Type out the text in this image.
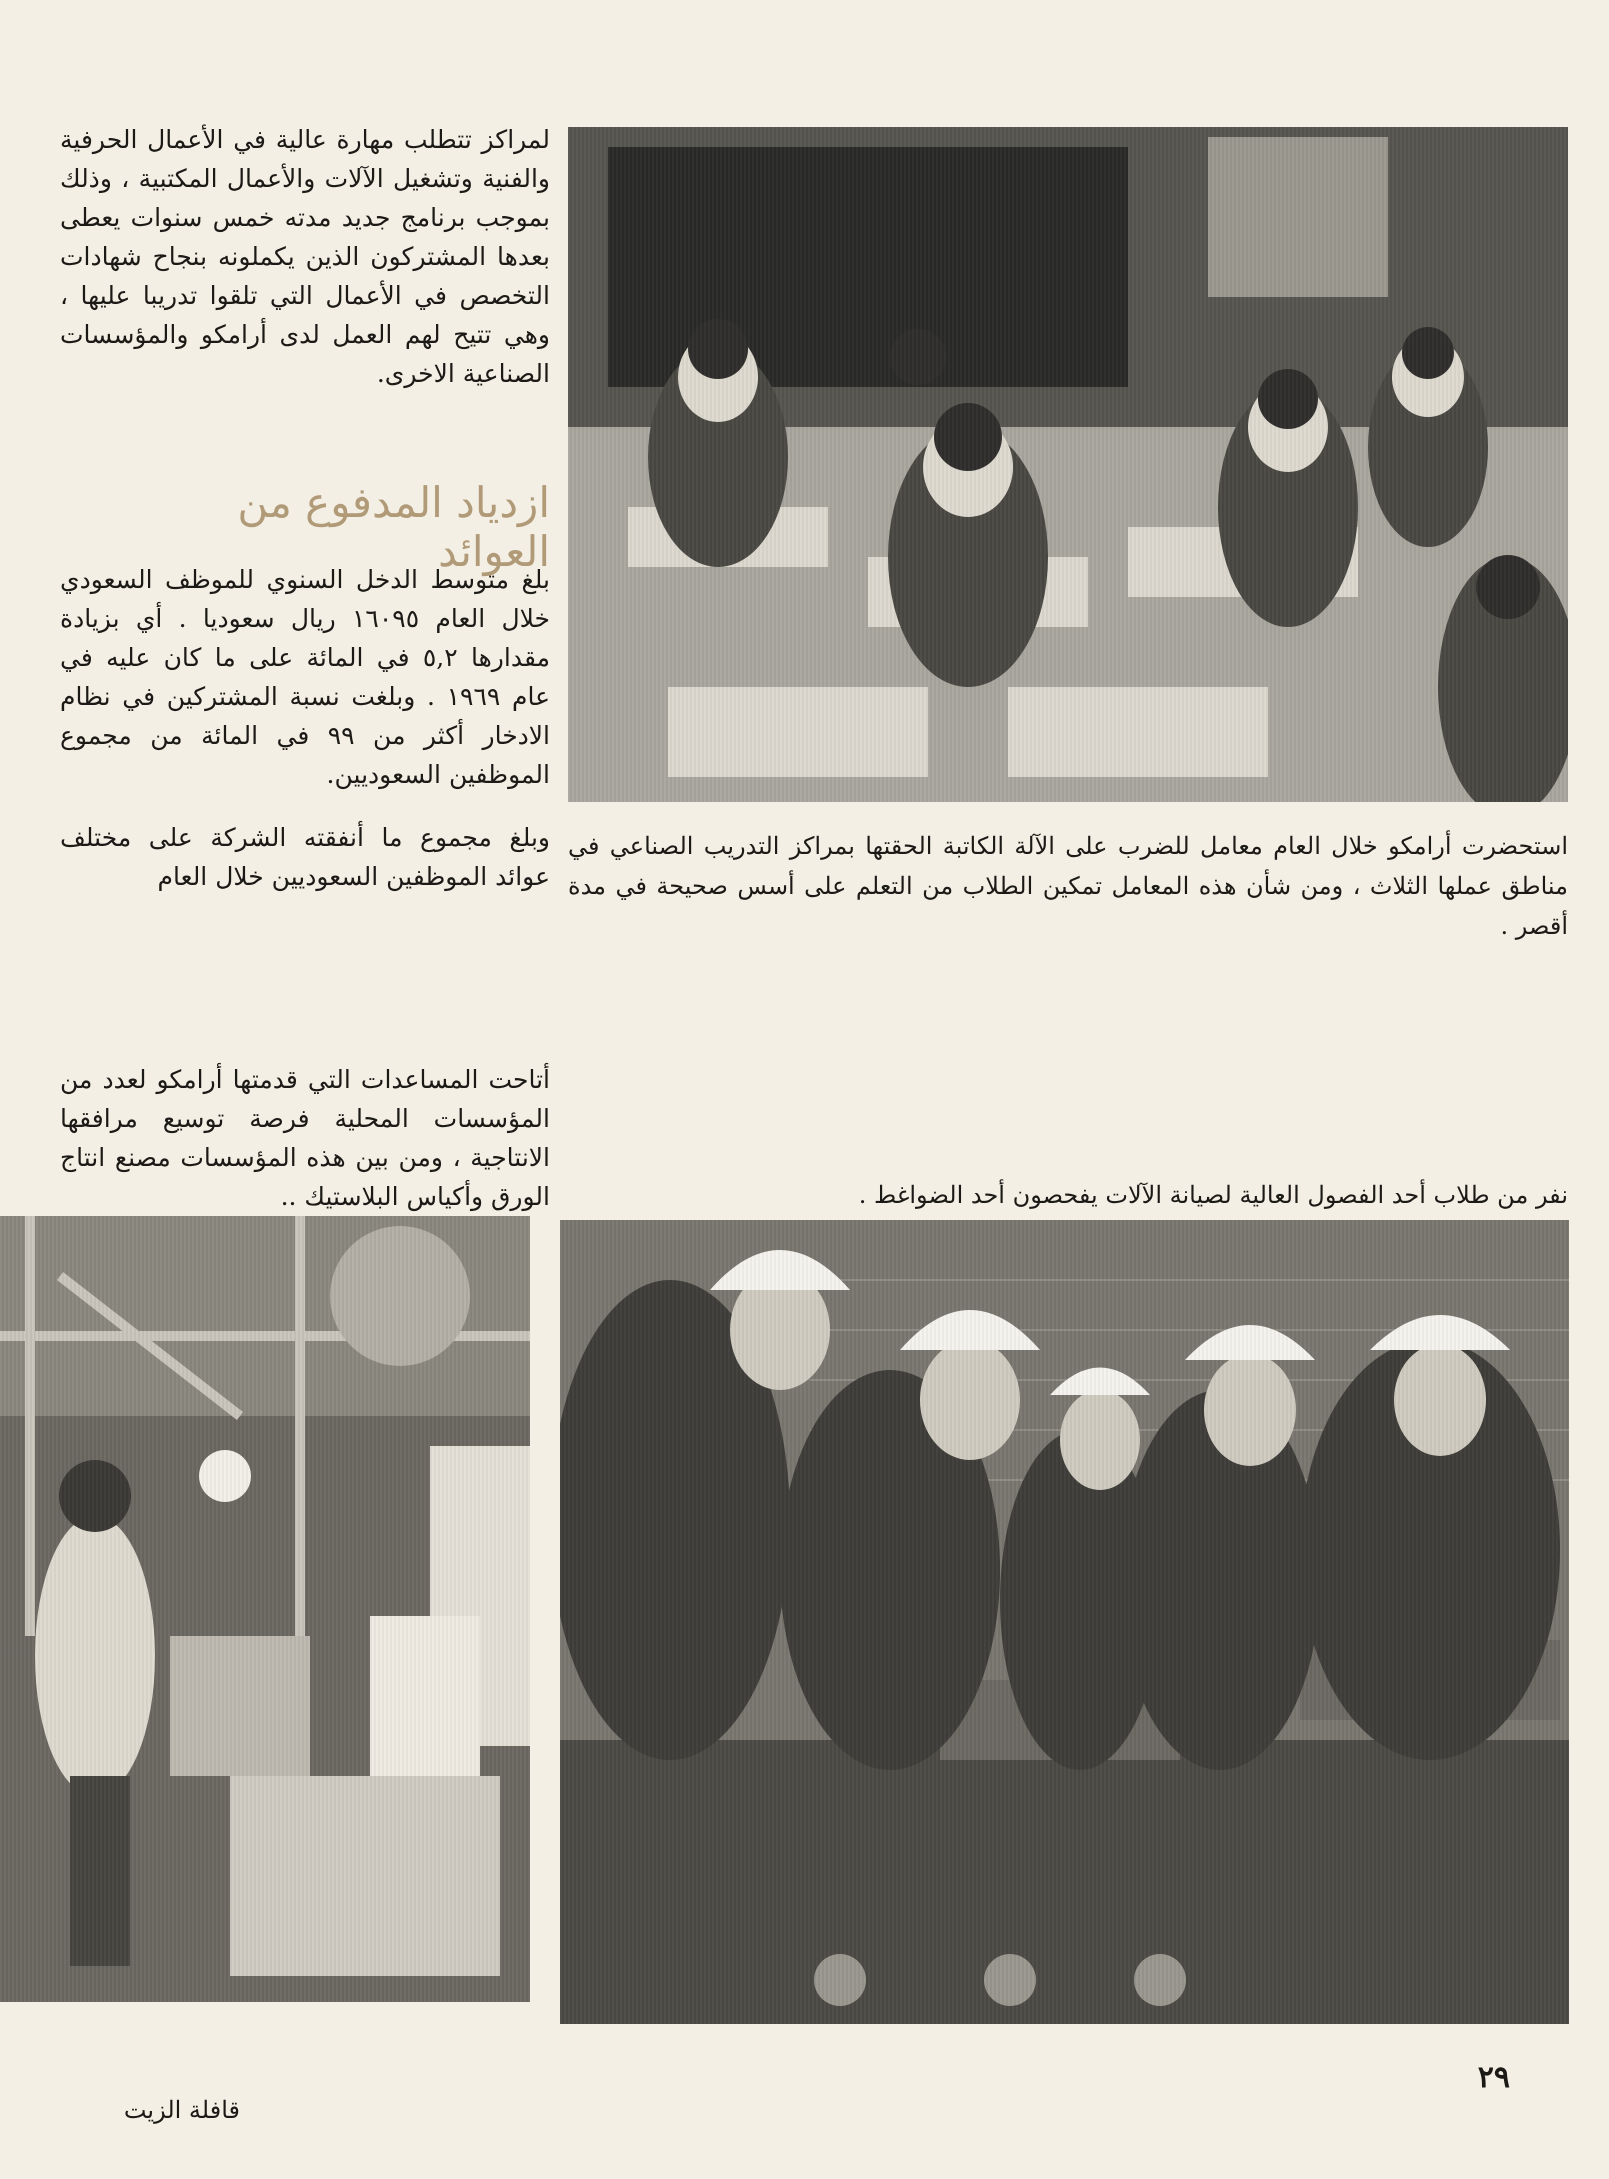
لمراكز تتطلب مهارة عالية في الأعمال الحرفية والفنية وتشغيل الآلات والأعمال المكتبية ، وذلك بموجب برنامج جديد مدته خمس سنوات يعطى بعدها المشتركون الذين يكملونه بنجاح شهادات التخصص في الأعمال التي تلقوا تدريبا عليها ، وهي تتيح لهم العمل لدى أرامكو والمؤسسات الصناعية الاخرى.
ازدياد المدفوع من العوائد
بلغ متوسط الدخل السنوي للموظف السعودي خلال العام ١٦٠٩٥ ريال سعوديا . أي بزيادة مقدارها ٥,٢ في المائة على ما كان عليه في عام ١٩٦٩ . وبلغت نسبة المشتركين في نظام الادخار أكثر من ٩٩ في المائة من مجموع الموظفين السعوديين.
وبلغ مجموع ما أنفقته الشركة على مختلف عوائد الموظفين السعوديين خلال العام
استحضرت أرامكو خلال العام معامل للضرب على الآلة الكاتبة الحقتها بمراكز التدريب الصناعي في مناطق عملها الثلاث ، ومن شأن هذه المعامل تمكين الطلاب من التعلم على أسس صحيحة في مدة أقصر .
أتاحت المساعدات التي قدمتها أرامكو لعدد من المؤسسات المحلية فرصة توسيع مرافقها الانتاجية ، ومن بين هذه المؤسسات مصنع انتاج الورق وأكياس البلاستيك ..	نفر من طلاب أحد الفصول العالية لصيانة الآلات يفحصون أحد الضواغط .
٢٩
قافلة الزيت
